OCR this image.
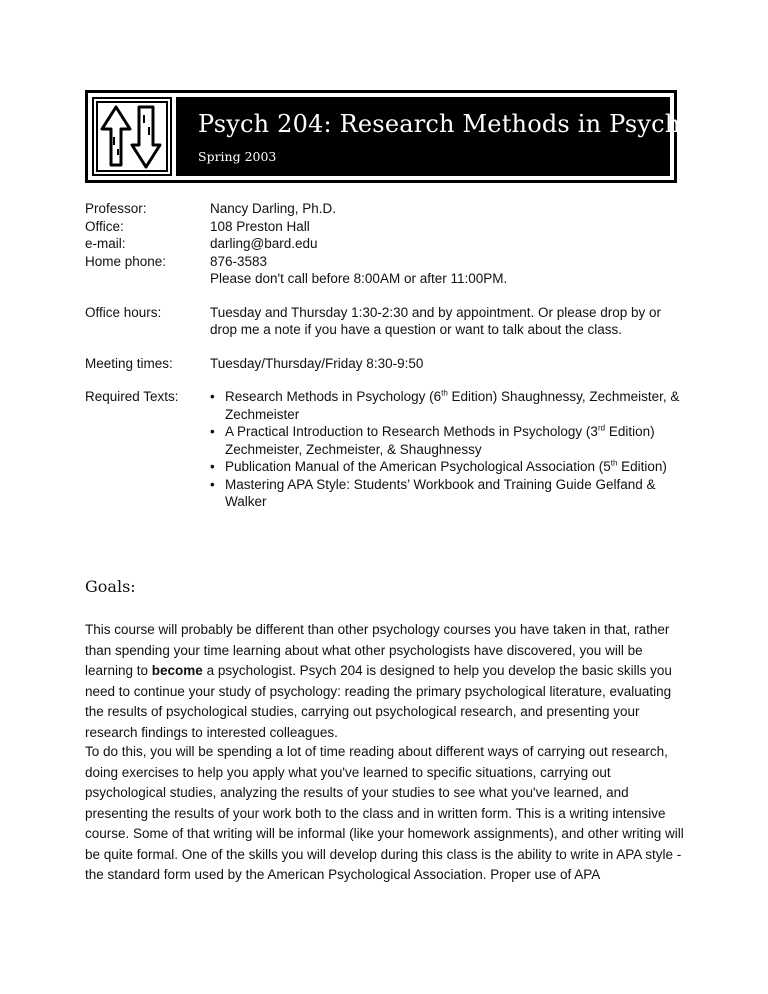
Psych 204: Research Methods in Psychology
Spring 2003
Professor:	Nancy Darling, Ph.D.
Office:	108 Preston Hall
e-mail:	darling@bard.edu
Home phone:	876-3583
Please don't call before 8:00AM or after 11:00PM.
Office hours:	Tuesday and Thursday 1:30-2:30 and by appointment. Or please drop by or drop me a note if you have a question or want to talk about the class.
Meeting times:	Tuesday/Thursday/Friday 8:30-9:50
Required Texts:
•	Research Methods in Psychology (6th Edition) Shaughnessy, Zechmeister, & Zechmeister
• A Practical Introduction to Research Methods in Psychology (3rd Edition) Zechmeister, Zechmeister, & Shaughnessy
• Publication Manual of the American Psychological Association (5th Edition)
• Mastering APA Style: Students’ Workbook and Training Guide Gelfand & Walker
Goals:

This course will probably be different than other psychology courses you have taken in that, rather than spending your time learning about what other psychologists have discovered, you will be learning to become a psychologist. Psych 204 is designed to help you develop the basic skills you need to continue your study of psychology: reading the primary psychological literature, evaluating the results of psychological studies, carrying out psychological research, and presenting your research findings to interested colleagues.

To do this, you will be spending a lot of time reading about different ways of carrying out research, doing exercises to help you apply what you've learned to specific situations, carrying out psychological studies, analyzing the results of your studies to see what you've learned, and presenting the results of your work both to the class and in written form. This is a writing intensive course. Some of that writing will be informal (like your homework assignments), and other writing will be quite formal. One of the skills you will develop during this class is the ability to write in APA style - the standard form used by the American Psychological Association. Proper use of APA
